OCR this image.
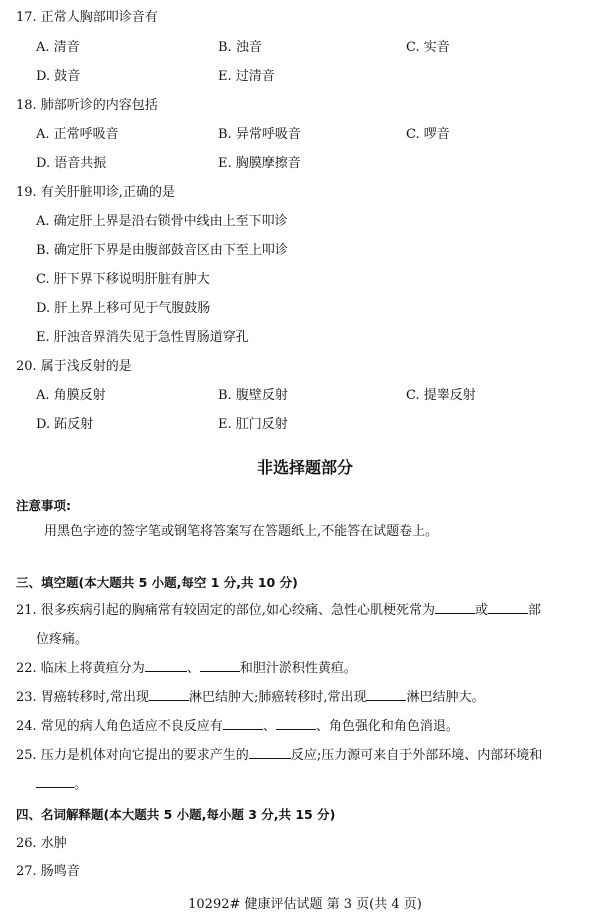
17. 正常人胸部叩诊音有
A. 清音	B. 浊音	C. 实音
D. 鼓音	E. 过清音
18. 肺部听诊的内容包括
A. 正常呼吸音	B. 异常呼吸音	C. 啰音
D. 语音共振	E. 胸膜摩擦音
19. 有关肝脏叩诊,正确的是
A. 确定肝上界是沿右锁骨中线由上至下叩诊
B. 确定肝下界是由腹部鼓音区由下至上叩诊
C. 肝下界下移说明肝脏有肿大
D. 肝上界上移可见于气腹鼓肠
E. 肝浊音界消失见于急性胃肠道穿孔
20. 属于浅反射的是
A. 角膜反射	B. 腹壁反射	C. 提睾反射
D. 跖反射	E. 肛门反射
非选择题部分
注意事项:
用黑色字迹的签字笔或钢笔将答案写在答题纸上,不能答在试题卷上。
三、填空题(本大题共 5 小题,每空 1 分,共 10 分)
21. 很多疾病引起的胸痛常有较固定的部位,如心绞痛、急性心肌梗死常为	或	部
位疼痛。
22. 临床上将黄疸分为	、	和胆汁淤积性黄疸。
23. 胃癌转移时,常出现	淋巴结肿大;肺癌转移时,常出现	淋巴结肿大。
24. 常见的病人角色适应不良反应有	、	、角色强化和角色消退。
25. 压力是机体对向它提出的要求产生的	反应;压力源可来自于外部环境、内部环境和
。
四、名词解释题(本大题共 5 小题,每小题 3 分,共 15 分)
26. 水肿
27. 肠鸣音
10292# 健康评估试题 第 3 页(共 4 页)
